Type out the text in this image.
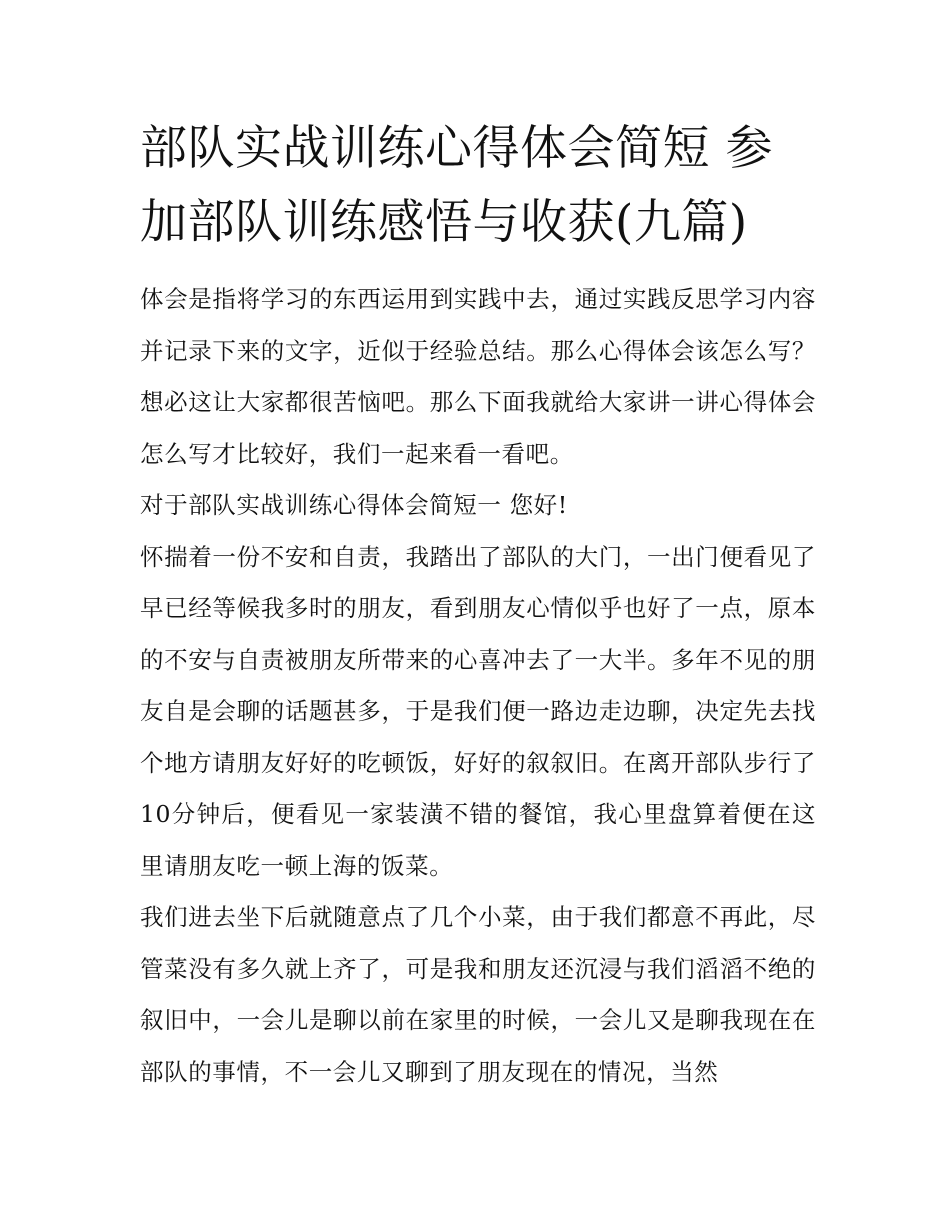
部队实战训练心得体会简短 参加部队训练感悟与收获(九篇)

体会是指将学习的东西运用到实践中去，通过实践反思学习内容并记录下来的文字，近似于经验总结。那么心得体会该怎么写？想必这让大家都很苦恼吧。那么下面我就给大家讲一讲心得体会怎么写才比较好，我们一起来看一看吧。

对于部队实战训练心得体会简短一 您好!

怀揣着一份不安和自责，我踏出了部队的大门，一出门便看见了早已经等候我多时的朋友，看到朋友心情似乎也好了一点，原本的不安与自责被朋友所带来的心喜冲去了一大半。多年不见的朋友自是会聊的话题甚多，于是我们便一路边走边聊，决定先去找个地方请朋友好好的吃顿饭，好好的叙叙旧。在离开部队步行了10分钟后，便看见一家装潢不错的餐馆，我心里盘算着便在这里请朋友吃一顿上海的饭菜。

我们进去坐下后就随意点了几个小菜，由于我们都意不再此，尽管菜没有多久就上齐了，可是我和朋友还沉浸与我们滔滔不绝的叙旧中，一会儿是聊以前在家里的时候，一会儿又是聊我现在在部队的事情，不一会儿又聊到了朋友现在的情况，当然
